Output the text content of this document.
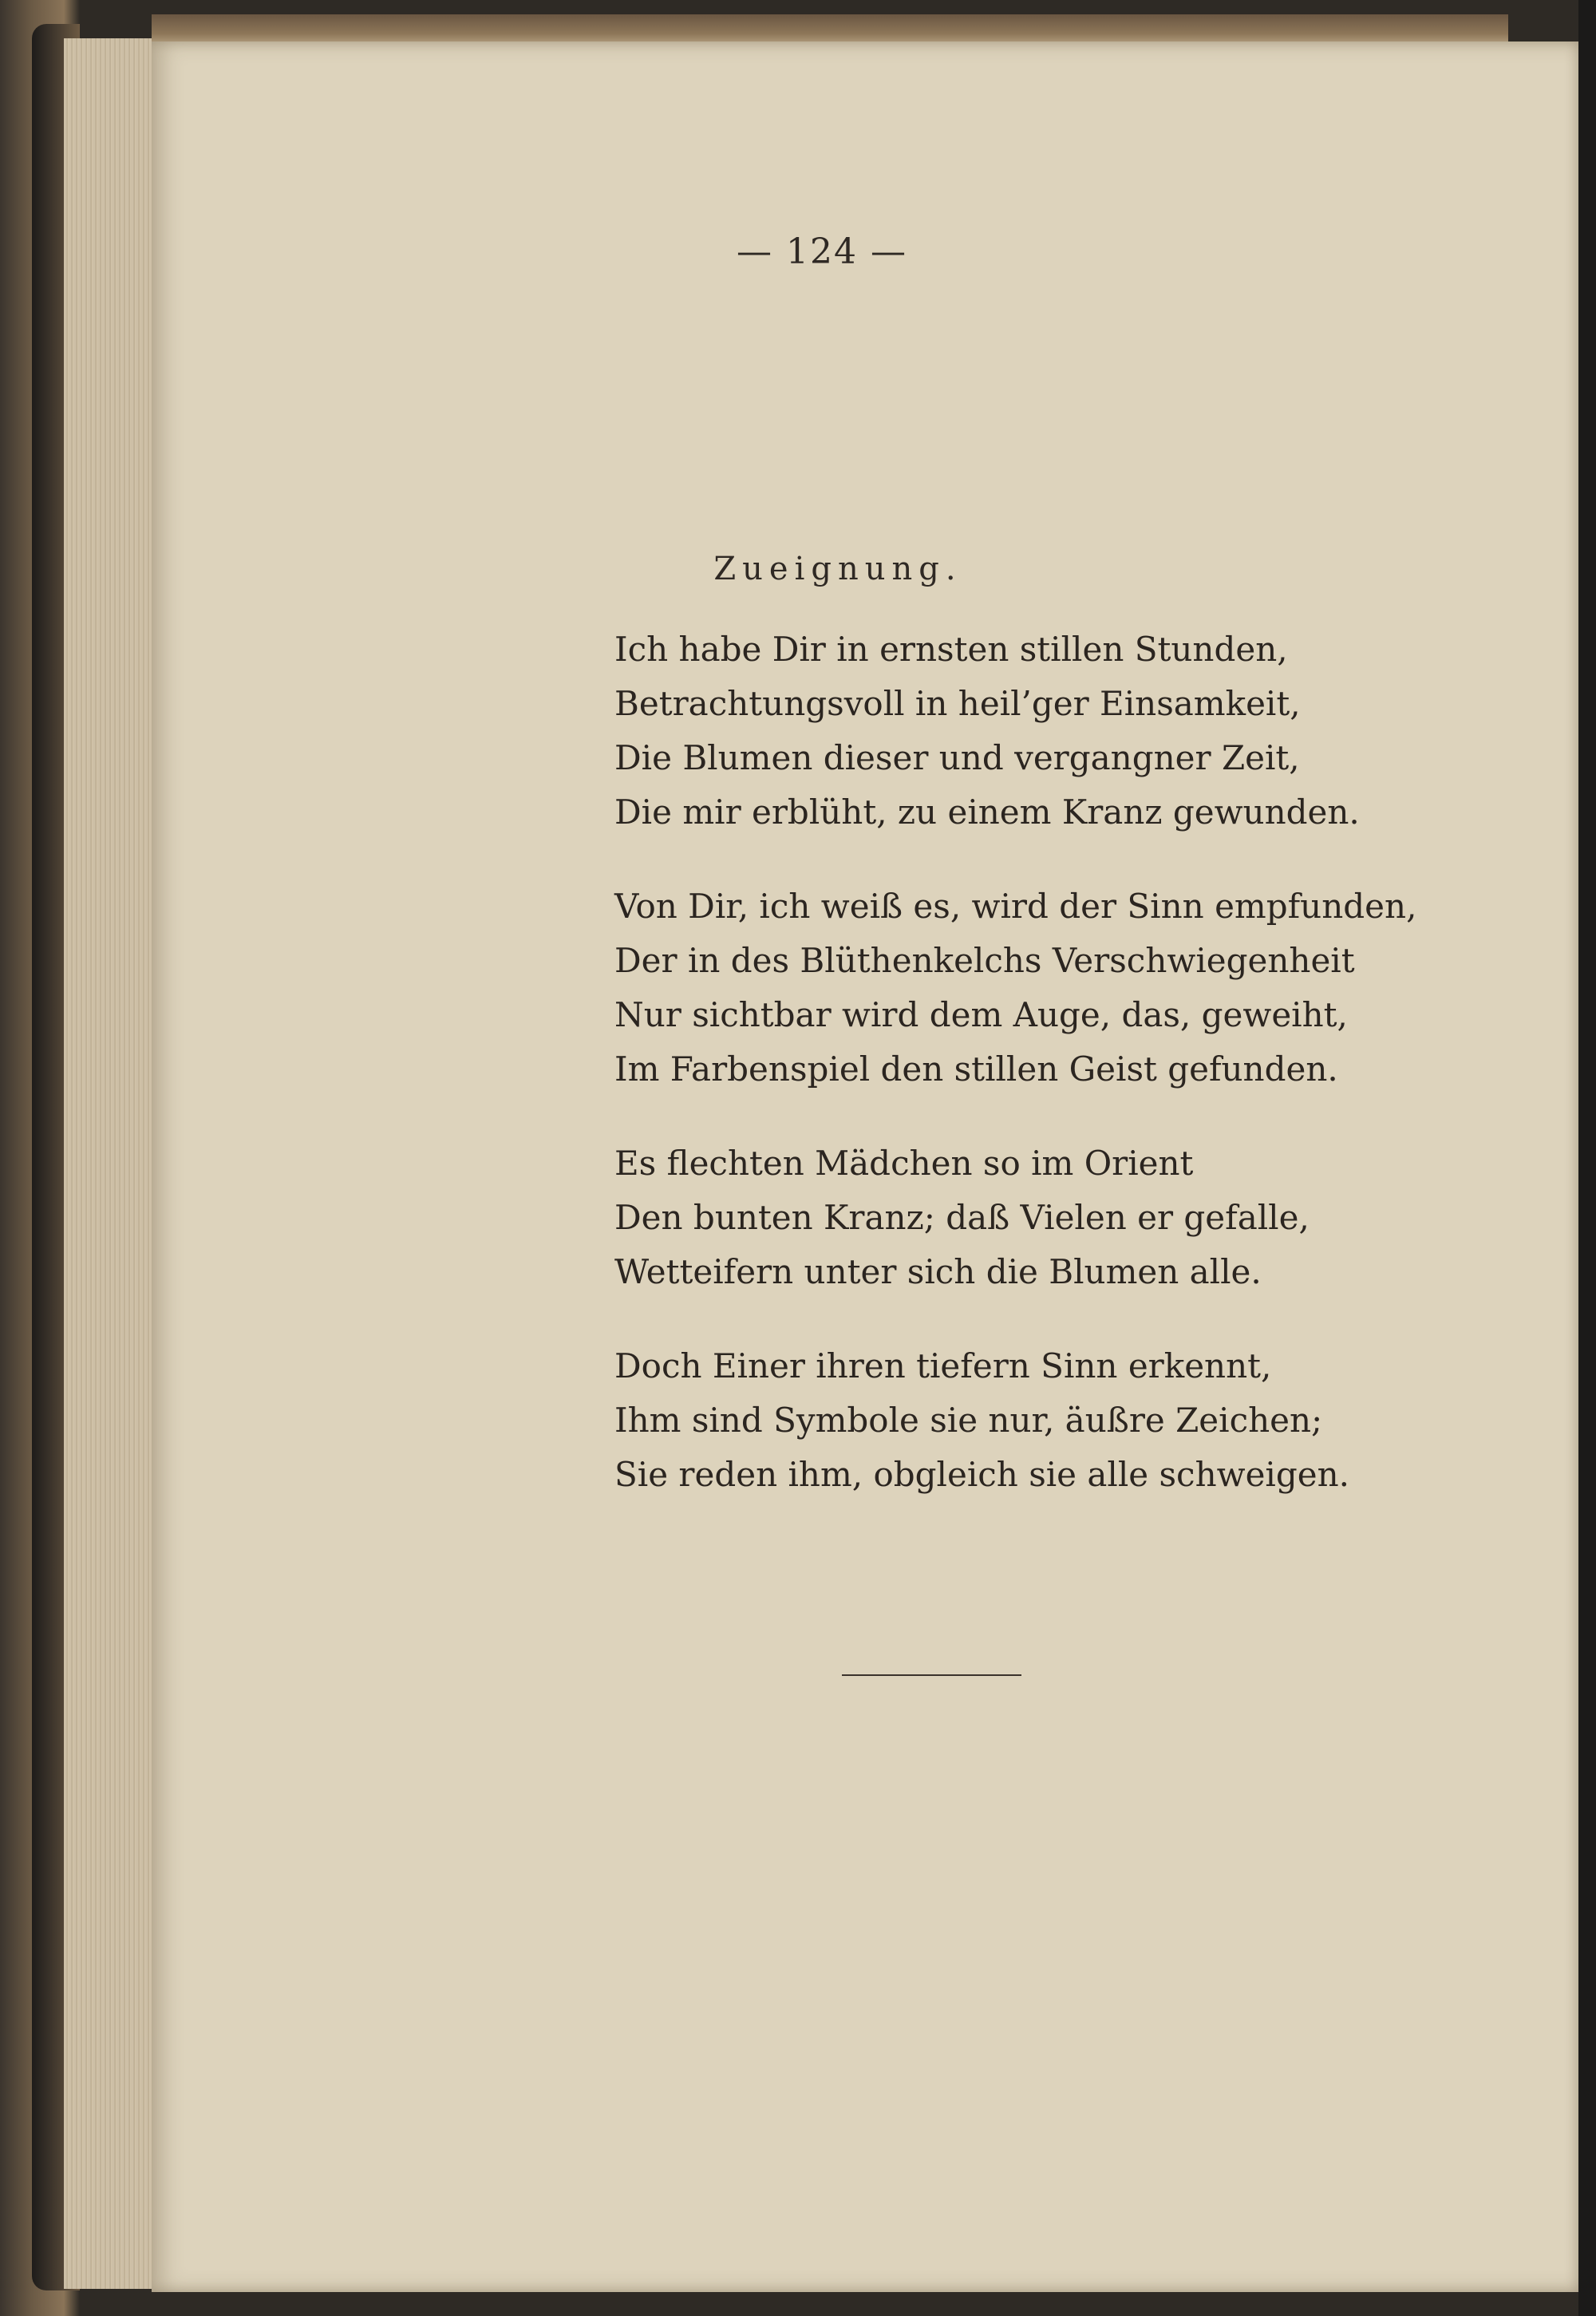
— 124 —
Zueignung.
Ich habe Dir in ernsten stillen Stunden,
Betrachtungsvoll in heil’ger Einsamkeit,
Die Blumen dieser und vergangner Zeit,
Die mir erblüht, zu einem Kranz gewunden.
Von Dir, ich weiß es, wird der Sinn empfunden,
Der in des Blüthenkelchs Verschwiegenheit
Nur sichtbar wird dem Auge, das, geweiht,
Im Farbenspiel den stillen Geist gefunden.
Es flechten Mädchen so im Orient
Den bunten Kranz; daß Vielen er gefalle,
Wetteifern unter sich die Blumen alle.
Doch Einer ihren tiefern Sinn erkennt,
Ihm sind Symbole sie nur, äußre Zeichen;
Sie reden ihm, obgleich sie alle schweigen.
